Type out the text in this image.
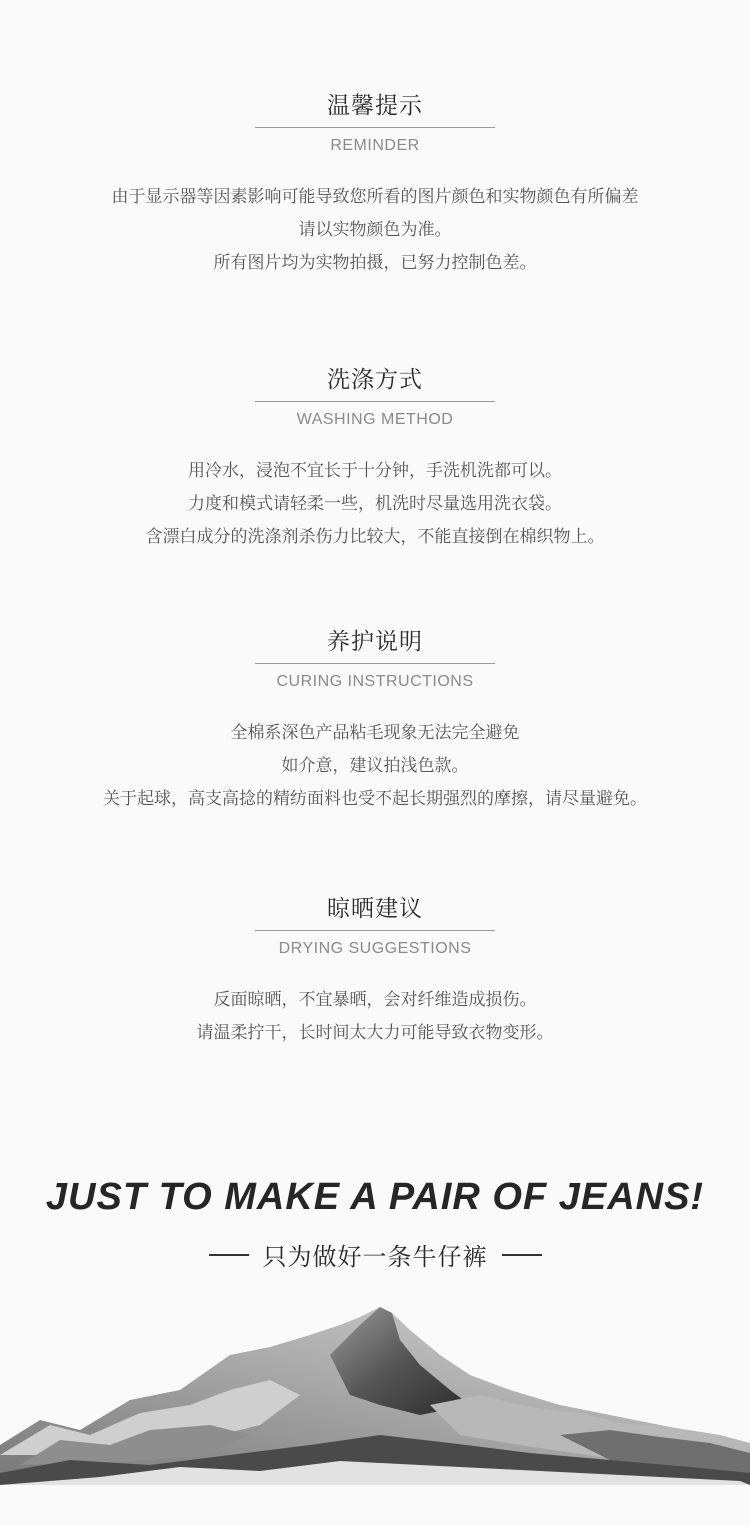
温馨提示
REMINDER
由于显示器等因素影响可能导致您所看的图片颜色和实物颜色有所偏差
请以实物颜色为准。
所有图片均为实物拍摄，已努力控制色差。
洗涤方式
WASHING METHOD
用冷水，浸泡不宜长于十分钟，手洗机洗都可以。
力度和模式请轻柔一些，机洗时尽量选用洗衣袋。
含漂白成分的洗涤剂杀伤力比较大，不能直接倒在棉织物上。
养护说明
CURING INSTRUCTIONS
全棉系深色产品粘毛现象无法完全避免
如介意，建议拍浅色款。
关于起球，高支高捻的精纺面料也受不起长期强烈的摩擦，请尽量避免。
晾晒建议
DRYING SUGGESTIONS
反面晾晒，不宜暴晒，会对纤维造成损伤。
请温柔拧干，长时间太大力可能导致衣物变形。
JUST TO MAKE A PAIR OF JEANS!
只为做好一条牛仔裤
